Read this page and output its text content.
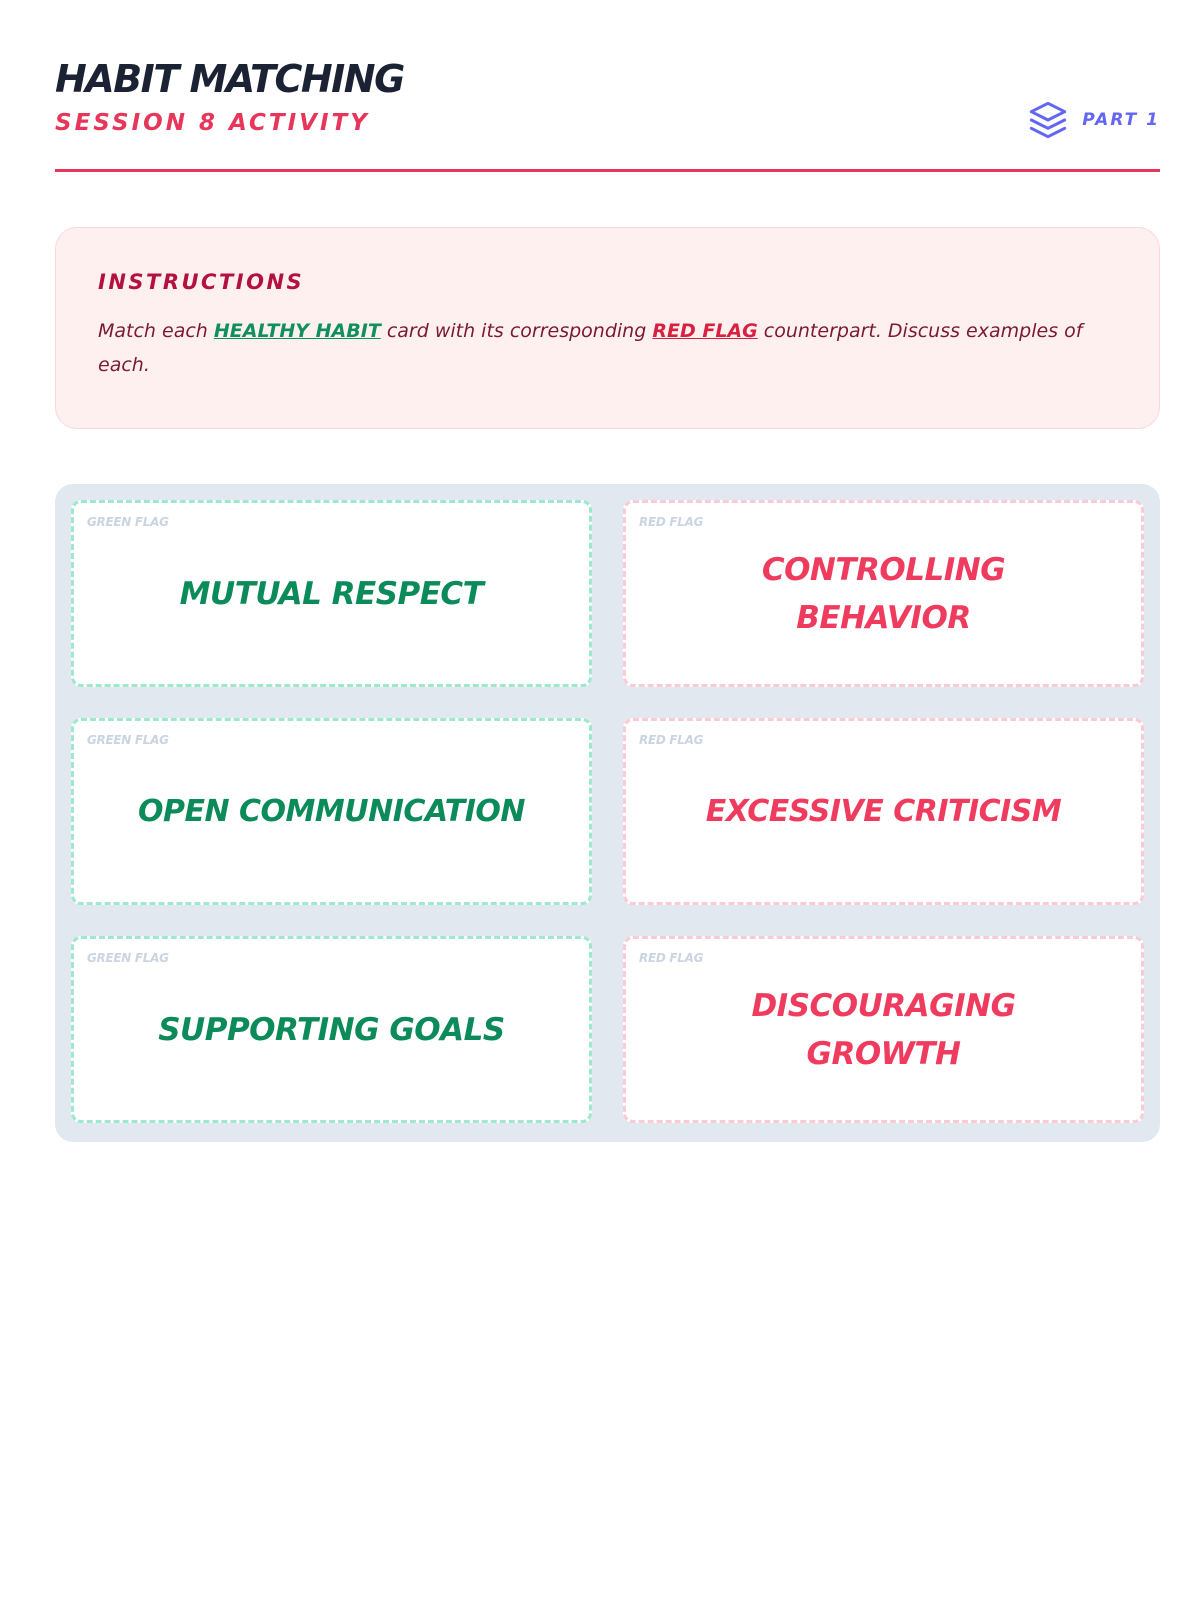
HABIT MATCHING
SESSION 8 ACTIVITY	PART 1
INSTRUCTIONS

Match each HEALTHY HABIT card with its corresponding RED FLAG counterpart. Discuss examples of each.

GREEN FLAG
MUTUAL RESPECT
RED FLAG
CONTROLLING BEHAVIOR
GREEN FLAG
OPEN COMMUNICATION
RED FLAG
EXCESSIVE CRITICISM
GREEN FLAG
SUPPORTING GOALS
RED FLAG
DISCOURAGING GROWTH
